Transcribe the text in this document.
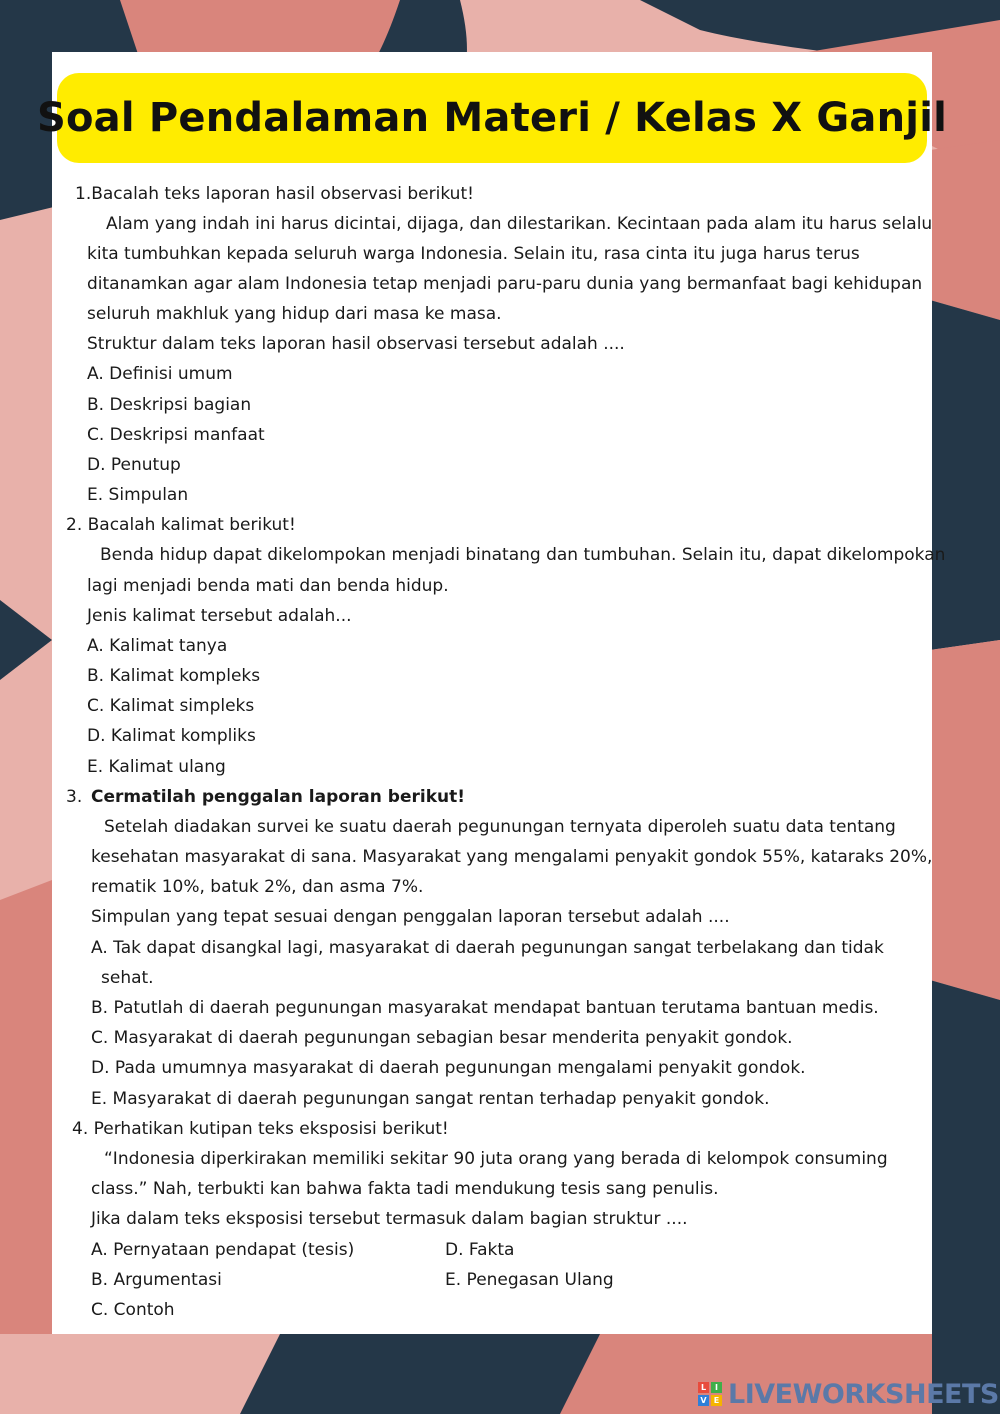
Soal Pendalaman Materi / Kelas X Ganjil
1.Bacalah teks laporan hasil observasi berikut!
Alam yang indah ini harus dicintai, dijaga, dan dilestarikan. Kecintaan pada alam itu harus selalu
kita tumbuhkan kepada seluruh warga Indonesia. Selain itu, rasa cinta itu juga harus terus
ditanamkan agar alam Indonesia tetap menjadi paru-paru dunia yang bermanfaat bagi kehidupan
seluruh makhluk yang hidup dari masa ke masa.
Struktur dalam teks laporan hasil observasi tersebut adalah ....
A. Definisi umum
B. Deskripsi bagian
C. Deskripsi manfaat
D. Penutup
E. Simpulan
2. Bacalah kalimat berikut!
Benda hidup dapat dikelompokan menjadi binatang dan tumbuhan. Selain itu, dapat dikelompokan
lagi menjadi benda mati dan benda hidup.
Jenis kalimat tersebut adalah...
A. Kalimat tanya
B. Kalimat kompleks
C. Kalimat simpleks
D. Kalimat kompliks
E. Kalimat ulang
3. Cermatilah penggalan laporan berikut!
Setelah diadakan survei ke suatu daerah pegunungan ternyata diperoleh suatu data tentang
kesehatan masyarakat di sana. Masyarakat yang mengalami penyakit gondok 55%, kataraks 20%,
rematik 10%, batuk 2%, dan asma 7%.
Simpulan yang tepat sesuai dengan penggalan laporan tersebut adalah ....
A. Tak dapat disangkal lagi, masyarakat di daerah pegunungan sangat terbelakang dan tidak
sehat.
B. Patutlah di daerah pegunungan masyarakat mendapat bantuan terutama bantuan medis.
C. Masyarakat di daerah pegunungan sebagian besar menderita penyakit gondok.
D. Pada umumnya masyarakat di daerah pegunungan mengalami penyakit gondok.
E. Masyarakat di daerah pegunungan sangat rentan terhadap penyakit gondok.
4. Perhatikan kutipan teks eksposisi berikut!
“Indonesia diperkirakan memiliki sekitar 90 juta orang yang berada di kelompok consuming
class.” Nah, terbukti kan bahwa fakta tadi mendukung tesis sang penulis.
Jika dalam teks eksposisi tersebut termasuk dalam bagian struktur ....
A. Pernyataan pendapat (tesis)
B. Argumentasi
C. Contoh
D. Fakta
E. Penegasan Ulang
L	I
V E LIVEWORKSHEETS
